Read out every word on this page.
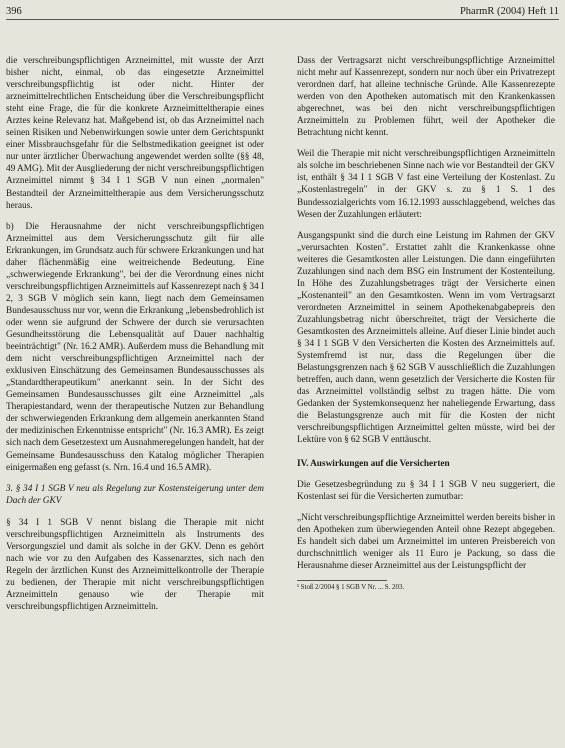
396	PharmR (2004) Heft 11

die verschreibungspflichtigen Arzneimittel, mit wusste der Arzt bisher nicht, einmal, ob das eingesetzte Arzneimittel verschreibungspflichtig ist oder nicht. Hinter der arzneimittelrechtlichen Entscheidung über die Verschreibungspflicht steht eine Frage, die für die konkrete Arzneimitteltherapie eines Arztes keine Relevanz hat. Maßgebend ist, ob das Arzneimittel nach seinen Risiken und Nebenwirkungen sowie unter dem Gerichtspunkt einer Missbrauchsgefahr für die Selbstmedikation geeignet ist oder nur unter ärztlicher Überwachung angewendet werden sollte (§§ 48, 49 AMG). Mit der Ausgliederung der nicht verschreibungspflichtigen Arzneimittel nimmt § 34 I 1 SGB V nun einen „normalen" Bestandteil der Arzneimitteltherapie aus dem Versicherungsschutz heraus.

b) Die Herausnahme der nicht verschreibungspflichtigen Arzneimittel aus dem Versicherungsschutz gilt für alle Erkrankungen, im Grundsatz auch für schwere Erkrankungen und hat daher flächenmäßig eine weitreichende Bedeutung. Eine „schwerwiegende Erkrankung", bei der die Verordnung eines nicht verschreibungspflichtigen Arzneimittels auf Kassenrezept nach § 34 I 2, 3 SGB V möglich sein kann, liegt nach dem Gemeinsamen Bundesausschuss nur vor, wenn die Erkrankung „lebensbedrohlich ist oder wenn sie aufgrund der Schwere der durch sie verursachten Gesundheitsstörung die Lebensqualität auf Dauer nachhaltig beeinträchtigt" (Nr. 16.2 AMR). Außerdem muss die Behandlung mit dem nicht verschreibungspflichtigen Arzneimittel nach der exklusiven Einschätzung des Gemeinsamen Bundesausschusses als „Standardtherapeutikum" anerkannt sein. In der Sicht des Gemeinsamen Bundesausschusses gilt eine Arzneimittel „als Therapiestandard, wenn der therapeutische Nutzen zur Behandlung der schwerwiegenden Erkrankung dem allgemein anerkannten Stand der medizinischen Erkenntnisse entspricht" (Nr. 16.3 AMR). Es zeigt sich nach dem Gesetzestext um Ausnahmeregelungen handelt, hat der Gemeinsame Bundesausschuss den Katalog möglicher Therapien einigermaßen eng gefasst (s. Nrn. 16.4 und 16.5 AMR).

3. § 34 I 1 SGB V neu als Regelung zur Kostensteigerung unter dem Dach der GKV

§ 34 I 1 SGB V nennt bislang die Therapie mit nicht verschreibungspflichtigen Arzneimitteln als Instruments des Versorgungsziel und damit als solche in der GKV. Denn es gehört nach wie vor zu den Aufgaben des Kassenarztes, sich nach den Regeln der ärztlichen Kunst des Arzneimittelkontrolle der Therapie zu bedienen, der Therapie mit nicht verschreibungspflichtigen Arzneimitteln genauso wie der Therapie mit verschreibungspflichtigen Arzneimitteln.

Dass der Vertragsarzt nicht verschreibungspflichtige Arzneimittel nicht mehr auf Kassenrezept, sondern nur noch über ein Privatrezept verordnen darf, hat alleine technische Gründe. Alle Kassenrezepte werden von den Apotheken automatisch mit den Krankenkassen abgerechnet, was bei den nicht verschreibungspflichtigen Arzneimitteln zu Problemen führt, weil der Apotheker die Betrachtung nicht kennt.

Weil die Therapie mit nicht verschreibungspflichtigen Arzneimitteln als solche im beschriebenen Sinne nach wie vor Bestandteil der GKV ist, enthält § 34 I 1 SGB V fast eine Verteilung der Kostenlast. Zu „Kostenlastregeln" in der GKV s. zu § 1 S. 1 des Bundessozialgerichts vom 16.12.1993 ausschlaggebend, welches das Wesen der Zuzahlungen erläutert:

Ausgangspunkt sind die durch eine Leistung im Rahmen der GKV „verursachten Kosten". Erstattet zahlt die Krankenkasse ohne weiteres die Gesamtkosten aller Leistungen. Die dann eingeführten Zuzahlungen sind nach dem BSG ein Instrument der Kostenteilung. In Höhe des Zuzahlungsbetrages trägt der Versicherte einen „Kostenanteil" an den Gesamtkosten. Wenn im vom Vertragsarzt verordneten Arzneimittel in seinem Apothekenabgabepreis den Zuzahlungsbetrag nicht überschreitet, trägt der Versicherte die Gesamtkosten des Arzneimittels alleine. Auf dieser Linie bindet auch § 34 I 1 SGB V den Versicherten die Kosten des Arzneimittels auf. Systemfremd ist nur, dass die Regelungen über die Belastungsgrenzen nach § 62 SGB V ausschließlich die Zuzahlungen betreffen, auch dann, wenn gesetzlich der Versicherte die Kosten für das Arzneimittel vollständig selbst zu tragen hätte. Die vom Gedanken der Systemkonsequenz her naheliegende Erwartung, dass die Belastungsgrenze auch mit für die Kosten der nicht verschreibungspflichtigen Arzneimittel gelten müsste, wird bei der Lektüre von § 62 SGB V enttäuscht.

IV. Auswirkungen auf die Versicherten

Die Gesetzesbegründung zu § 34 I 1 SGB V neu suggeriert, die Kostenlast sei für die Versicherten zumutbar:

„Nicht verschreibungspflichtige Arzneimittel werden bereits bisher in den Apotheken zum überwiegenden Anteil ohne Rezept abgegeben. Es handelt sich dabei um Arzneimittel im unteren Preisbereich von durchschnittlich weniger als 11 Euro je Packung, so dass die Herausnahme dieser Arzneimittel aus der Leistungspflicht der

¹ Stoß 2/2004 § 1 SGB V Nr. ... S. 203.
